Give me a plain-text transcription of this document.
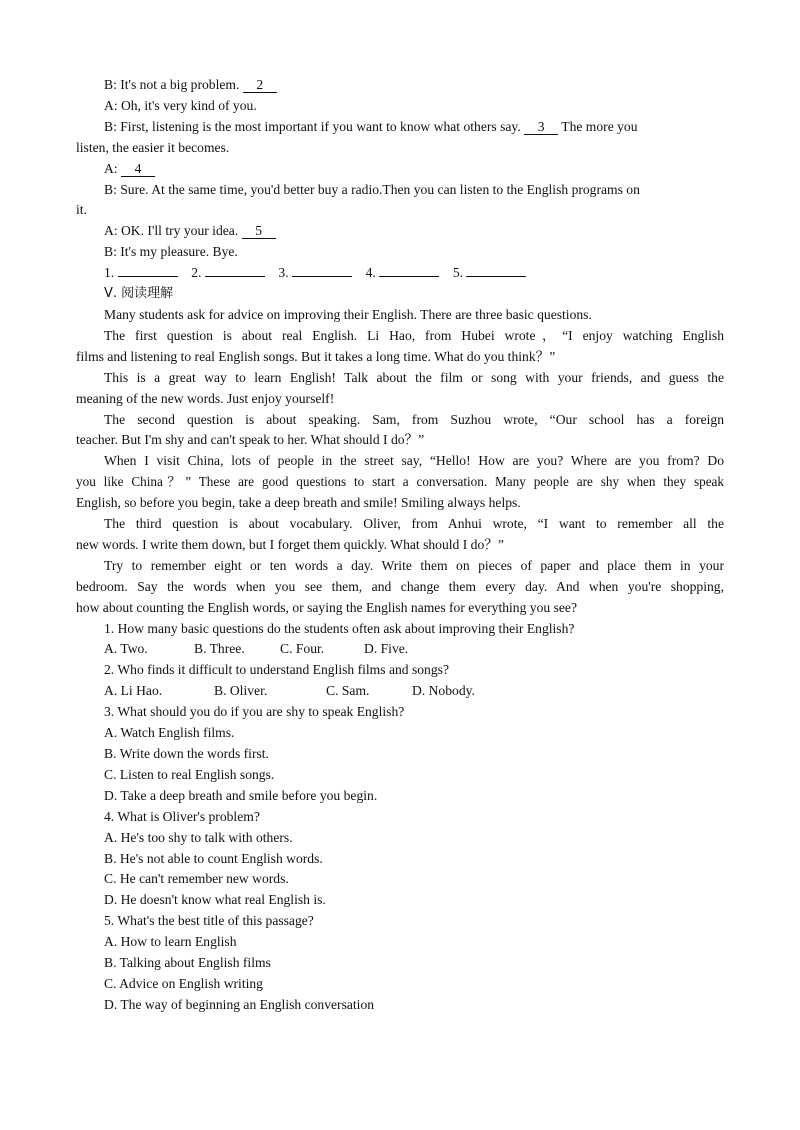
B: It's not a big problem. 2
A: Oh, it's very kind of you.
B: First, listening is the most important if you want to know what others say. 3 The more you
listen, the easier it becomes.
A: 4
B: Sure. At the same time, you'd better buy a radio.Then you can listen to the English programs on
it.
A: OK. I'll try your idea. 5
B: It's my pleasure. Bye.
1.	2.	3.	4.	5.
Ⅴ. 阅读理解
Many students ask for advice on improving their English. There are three basic questions.
The first question is about real English. Li Hao, from Hubei wrote，“I enjoy watching English
films and listening to real English songs. But it takes a long time. What do you think？”
This is a great way to learn English! Talk about the film or song with your friends, and guess the
meaning of the new words. Just enjoy yourself!
The second question is about speaking. Sam, from Suzhou wrote, “Our school has a foreign
teacher. But I'm shy and can't speak to her. What should I do？”
When I visit China, lots of people in the street say, “Hello! How are you? Where are you from? Do
you like China？” These are good questions to start a conversation. Many people are shy when they speak
English, so before you begin, take a deep breath and smile! Smiling always helps.
The third question is about vocabulary. Oliver, from Anhui wrote, “I want to remember all the
new words. I write them down, but I forget them quickly. What should I do？”
Try to remember eight or ten words a day. Write them on pieces of paper and place them in your
bedroom. Say the words when you see them, and change them every day. And when you're shopping,
how about counting the English words, or saying the English names for everything you see?
1. How many basic questions do the students often ask about improving their English?
A. Two.	B. Three.	C. Four.	D. Five.
2. Who finds it difficult to understand English films and songs?
A. Li Hao.	B. Oliver.	C. Sam.	D. Nobody.
3. What should you do if you are shy to speak English?
A. Watch English films.
B. Write down the words first.
C. Listen to real English songs.
D. Take a deep breath and smile before you begin.
4. What is Oliver's problem?
A. He's too shy to talk with others.
B. He's not able to count English words.
C. He can't remember new words.
D. He doesn't know what real English is.
5. What's the best title of this passage?
A. How to learn English
B. Talking about English films
C. Advice on English writing
D. The way of beginning an English conversation
